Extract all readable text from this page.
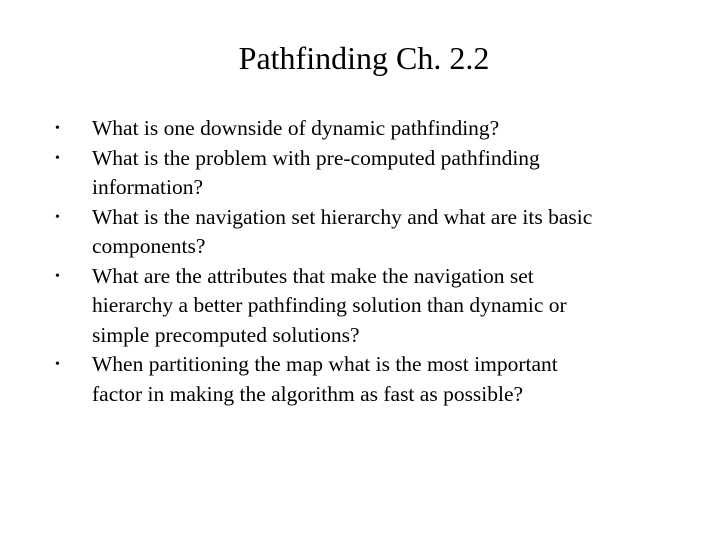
Pathfinding Ch. 2.2
•	What is one downside of dynamic pathfinding?
•	What is the problem with pre-computed pathfinding
information?
•	What is the navigation set hierarchy and what are its basic
components?
•	What are the attributes that make the navigation set
hierarchy a better pathfinding solution than dynamic or
simple precomputed solutions?
•	When partitioning the map what is the most important
factor in making the algorithm as fast as possible?
